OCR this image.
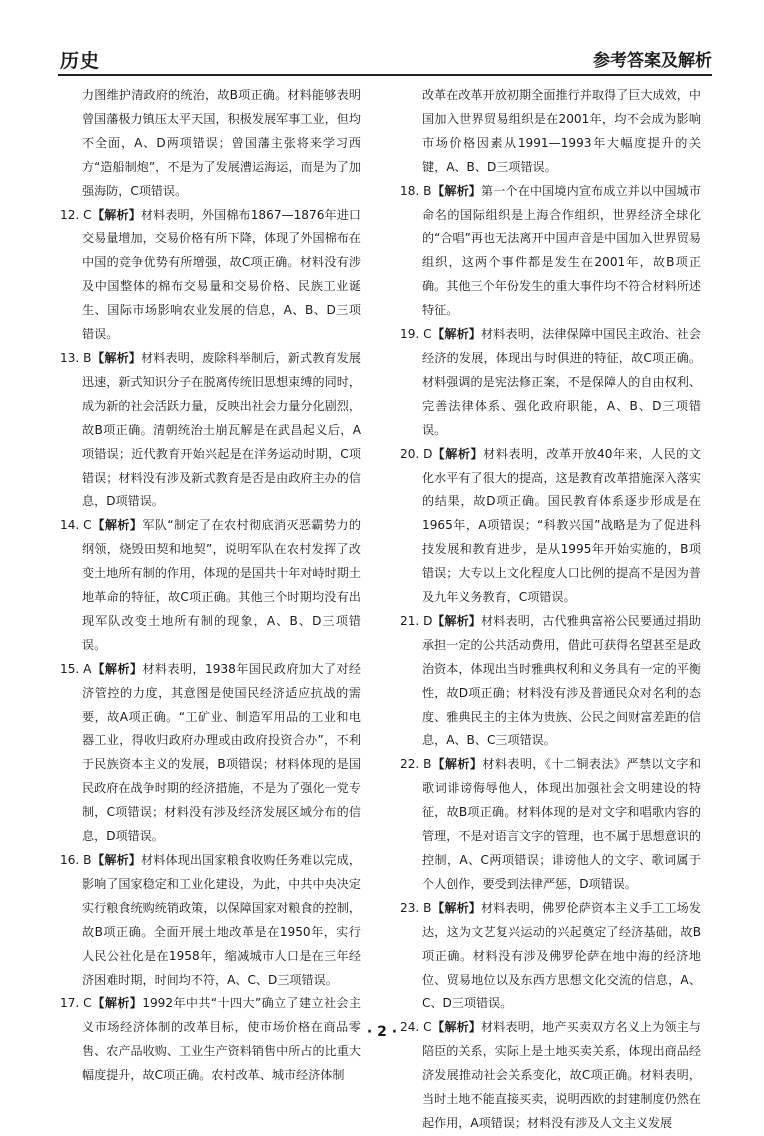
历史	参考答案及解析

力图维护清政府的统治，故B项正确。材料能够表明曾国藩极力镇压太平天国，积极发展军事工业，但均不全面，A、D两项错误；曾国藩主张将来学习西方“造船制炮”，不是为了发展漕运海运，而是为了加强海防，C项错误。

12. C 【解析】材料表明，外国棉布1867—1876年进口交易量增加，交易价格有所下降，体现了外国棉布在中国的竞争优势有所增强，故C项正确。材料没有涉及中国整体的棉布交易量和交易价格、民族工业诞生、国际市场影响农业发展的信息，A、B、D三项错误。

13. B 【解析】材料表明，废除科举制后，新式教育发展迅速，新式知识分子在脱离传统旧思想束缚的同时，成为新的社会活跃力量，反映出社会力量分化剧烈，故B项正确。清朝统治土崩瓦解是在武昌起义后，A项错误；近代教育开始兴起是在洋务运动时期，C项错误；材料没有涉及新式教育是否是由政府主办的信息，D项错误。

14. C 【解析】军队“制定了在农村彻底消灭恶霸势力的纲领，烧毁田契和地契”，说明军队在农村发挥了改变土地所有制的作用，体现的是国共十年对峙时期土地革命的特征，故C项正确。其他三个时期均没有出现军队改变土地所有制的现象，A、B、D三项错误。

15. A 【解析】材料表明，1938年国民政府加大了对经济管控的力度，其意图是使国民经济适应抗战的需要，故A项正确。“工矿业、制造军用品的工业和电器工业，得收归政府办理或由政府投资合办”，不利于民族资本主义的发展，B项错误；材料体现的是国民政府在战争时期的经济措施，不是为了强化一党专制，C项错误；材料没有涉及经济发展区域分布的信息，D项错误。

16. B 【解析】材料体现出国家粮食收购任务难以完成，影响了国家稳定和工业化建设，为此，中共中央决定实行粮食统购统销政策，以保障国家对粮食的控制，故B项正确。全面开展土地改革是在1950年，实行人民公社化是在1958年，缩减城市人口是在三年经济困难时期，时间均不符，A、C、D三项错误。

17. C 【解析】1992年中共“十四大”确立了建立社会主义市场经济体制的改革目标，使市场价格在商品零售、农产品收购、工业生产资料销售中所占的比重大幅度提升，故C项正确。农村改革、城市经济体制

改革在改革开放初期全面推行并取得了巨大成效，中国加入世界贸易组织是在2001年，均不会成为影响市场价格因素从1991—1993年大幅度提升的关键，A、B、D三项错误。

18. B 【解析】第一个在中国境内宣布成立并以中国城市命名的国际组织是上海合作组织，世界经济全球化的“合唱”再也无法离开中国声音是中国加入世界贸易组织，这两个事件都是发生在2001年，故B项正确。其他三个年份发生的重大事件均不符合材料所述特征。

19. C 【解析】材料表明，法律保障中国民主政治、社会经济的发展，体现出与时俱进的特征，故C项正确。材料强调的是宪法修正案，不是保障人的自由权利、完善法律体系、强化政府职能，A、B、D三项错误。

20. D 【解析】材料表明，改革开放40年来，人民的文化水平有了很大的提高，这是教育改革措施深入落实的结果，故D项正确。国民教育体系逐步形成是在1965年，A项错误；“科教兴国”战略是为了促进科技发展和教育进步，是从1995年开始实施的，B项错误；大专以上文化程度人口比例的提高不是因为普及九年义务教育，C项错误。

21. D 【解析】材料表明，古代雅典富裕公民要通过捐助承担一定的公共活动费用，借此可获得名望甚至是政治资本，体现出当时雅典权利和义务具有一定的平衡性，故D项正确；材料没有涉及普通民众对名利的态度、雅典民主的主体为贵族、公民之间财富差距的信息，A、B、C三项错误。

22. B 【解析】材料表明，《十二铜表法》严禁以文字和歌词诽谤侮辱他人，体现出加强社会文明建设的特征，故B项正确。材料体现的是对文字和唱歌内容的管理，不是对语言文字的管理，也不属于思想意识的控制，A、C两项错误；诽谤他人的文字、歌词属于个人创作，要受到法律严惩，D项错误。

23. B 【解析】材料表明，佛罗伦萨资本主义手工工场发达，这为文艺复兴运动的兴起奠定了经济基础，故B项正确。材料没有涉及佛罗伦萨在地中海的经济地位、贸易地位以及东西方思想文化交流的信息，A、C、D三项错误。

24. C 【解析】材料表明，地产买卖双方名义上为领主与陪臣的关系，实际上是土地买卖关系，体现出商品经济发展推动社会关系变化，故C项正确。材料表明，当时土地不能直接买卖，说明西欧的封建制度仍然在起作用，A项错误；材料没有涉及人文主义发展

· 2 ·
